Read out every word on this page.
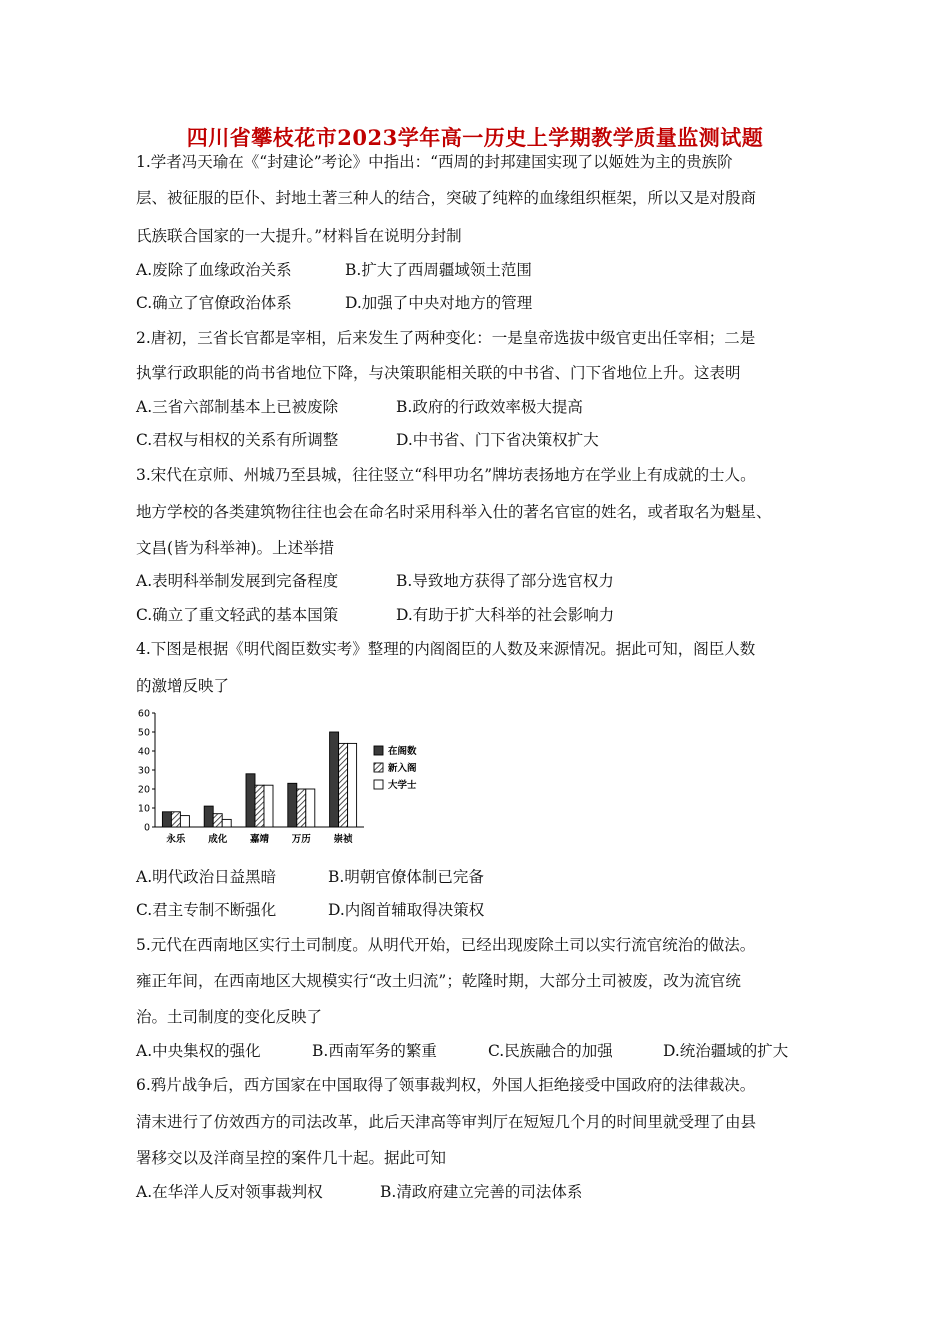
四川省攀枝花市2023学年高一历史上学期教学质量监测试题
1.学者冯天瑜在《“封建论”考论》中指出：“西周的封邦建国实现了以姬姓为主的贵族阶
层、被征服的臣仆、封地土著三种人的结合，突破了纯粹的血缘组织框架，所以又是对殷商
氏族联合国家的一大提升。”材料旨在说明分封制
A.废除了血缘政治关系	B.扩大了西周疆域领土范围
C.确立了官僚政治体系	D.加强了中央对地方的管理
2.唐初，三省长官都是宰相，后来发生了两种变化：一是皇帝选拔中级官吏出任宰相；二是
执掌行政职能的尚书省地位下降，与决策职能相关联的中书省、门下省地位上升。这表明
A.三省六部制基本上已被废除	B.政府的行政效率极大提高
C.君权与相权的关系有所调整	D.中书省、门下省决策权扩大
3.宋代在京师、州城乃至县城，往往竖立“科甲功名”牌坊表扬地方在学业上有成就的士人。
地方学校的各类建筑物往往也会在命名时采用科举入仕的著名官宦的姓名，或者取名为魁星、
文昌(皆为科举神)。上述举措
A.表明科举制发展到完备程度	B.导致地方获得了部分选官权力
C.确立了重文轻武的基本国策	D.有助于扩大科举的社会影响力
4.下图是根据《明代阁臣数实考》整理的内阁阁臣的人数及来源情况。据此可知，阁臣人数
的激增反映了
60
50
40
30
20
10
0
永乐 成化 嘉靖 万历 崇祯
在阁数
新入阁
大学士
A.明代政治日益黑暗	B.明朝官僚体制已完备
C.君主专制不断强化	D.内阁首辅取得决策权
5.元代在西南地区实行土司制度。从明代开始，已经出现废除土司以实行流官统治的做法。
雍正年间，在西南地区大规模实行“改土归流”；乾隆时期，大部分土司被废，改为流官统
治。土司制度的变化反映了
A.中央集权的强化	B.西南军务的繁重	C.民族融合的加强	D.统治疆域的扩大
6.鸦片战争后，西方国家在中国取得了领事裁判权，外国人拒绝接受中国政府的法律裁决。
清末进行了仿效西方的司法改革，此后天津高等审判厅在短短几个月的时间里就受理了由县
署移交以及洋商呈控的案件几十起。据此可知
A.在华洋人反对领事裁判权	B.清政府建立完善的司法体系
